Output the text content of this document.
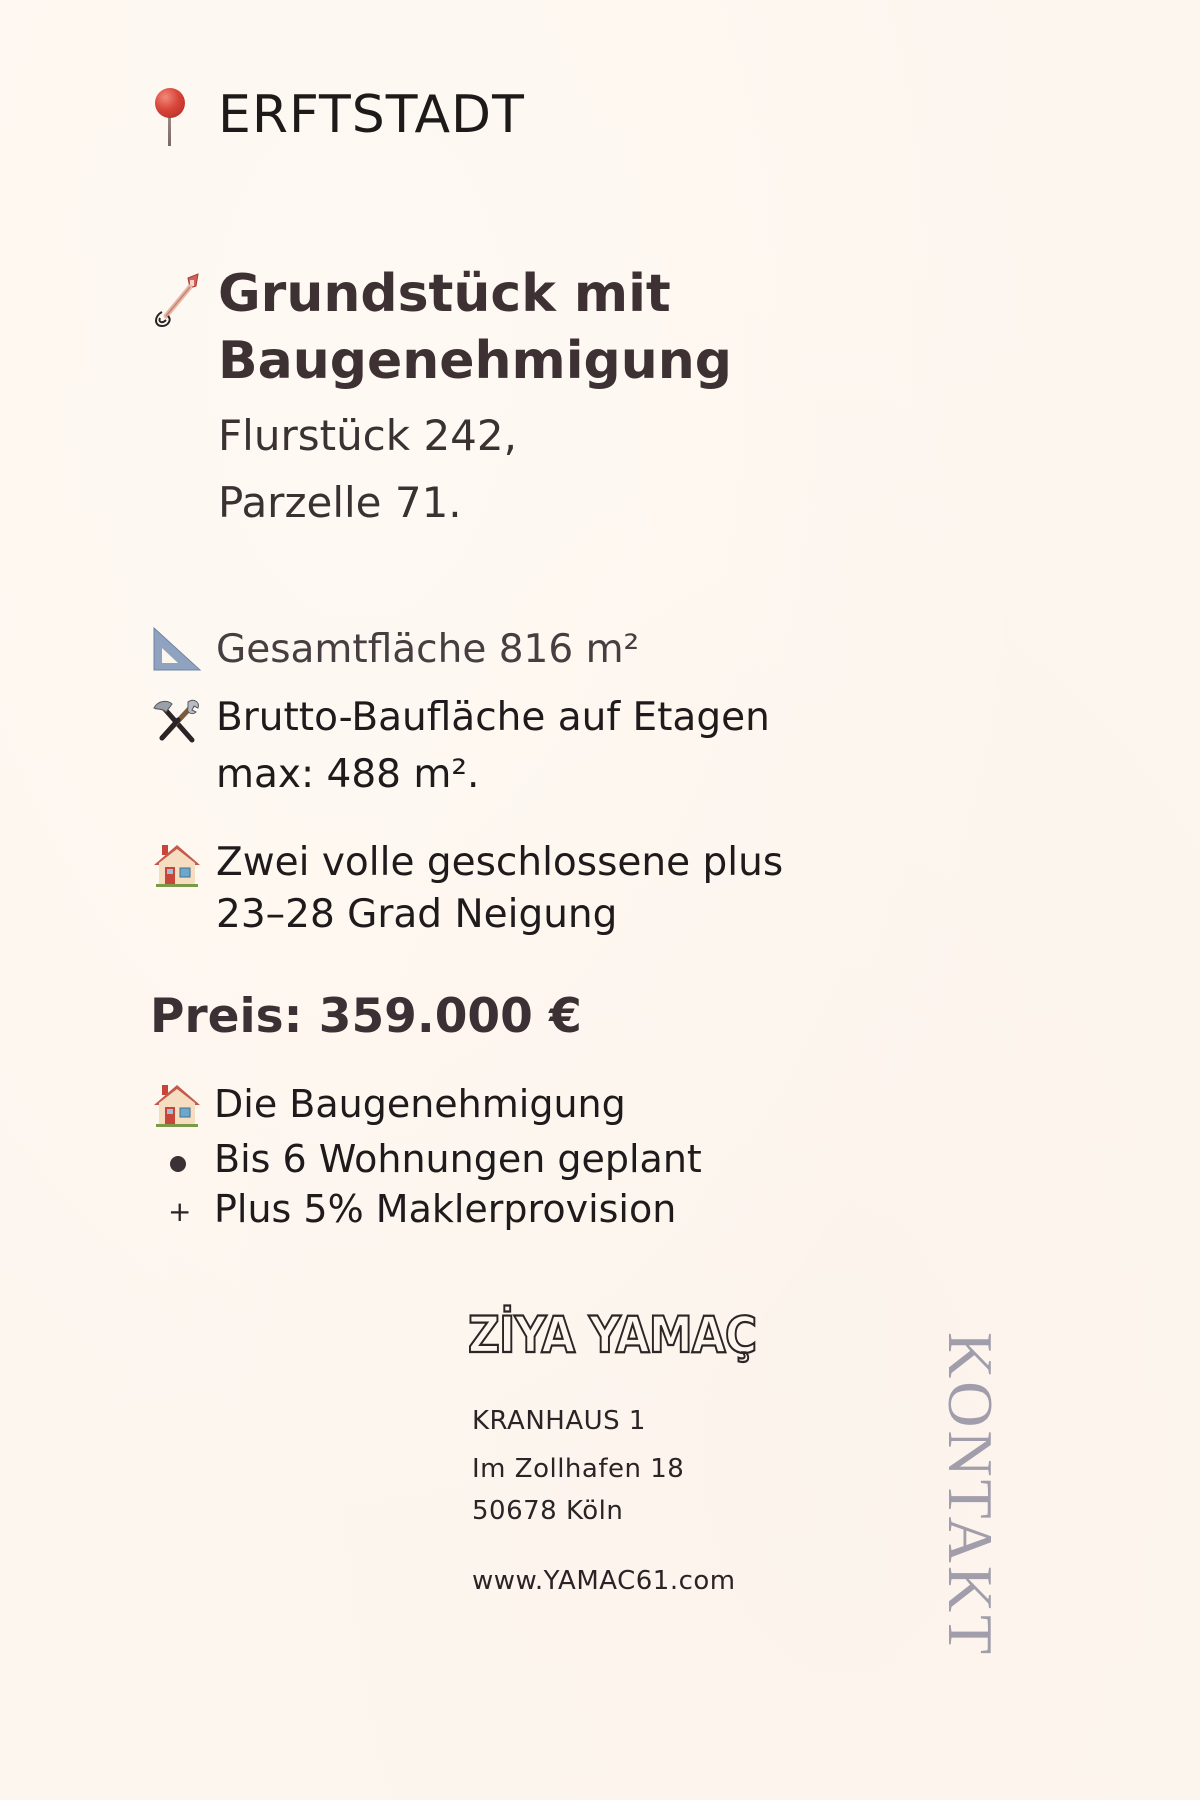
ERFTSTADT
Grundstück mit
Baugenehmigung
Flurstück 242,
Parzelle 71.
Gesamtfläche 816 m²
Brutto-Baufläche auf Etagen
max: 488 m².
Zwei volle geschlossene plus
23–28 Grad Neigung
Preis: 359.000 €
Die Baugenehmigung
Bis 6 Wohnungen geplant
+ Plus 5% Maklerprovision
ZİYA YAMAÇ
KRANHAUS 1
Im Zollhafen 18
50678 Köln
www.YAMAC61.com	KONTAKT
